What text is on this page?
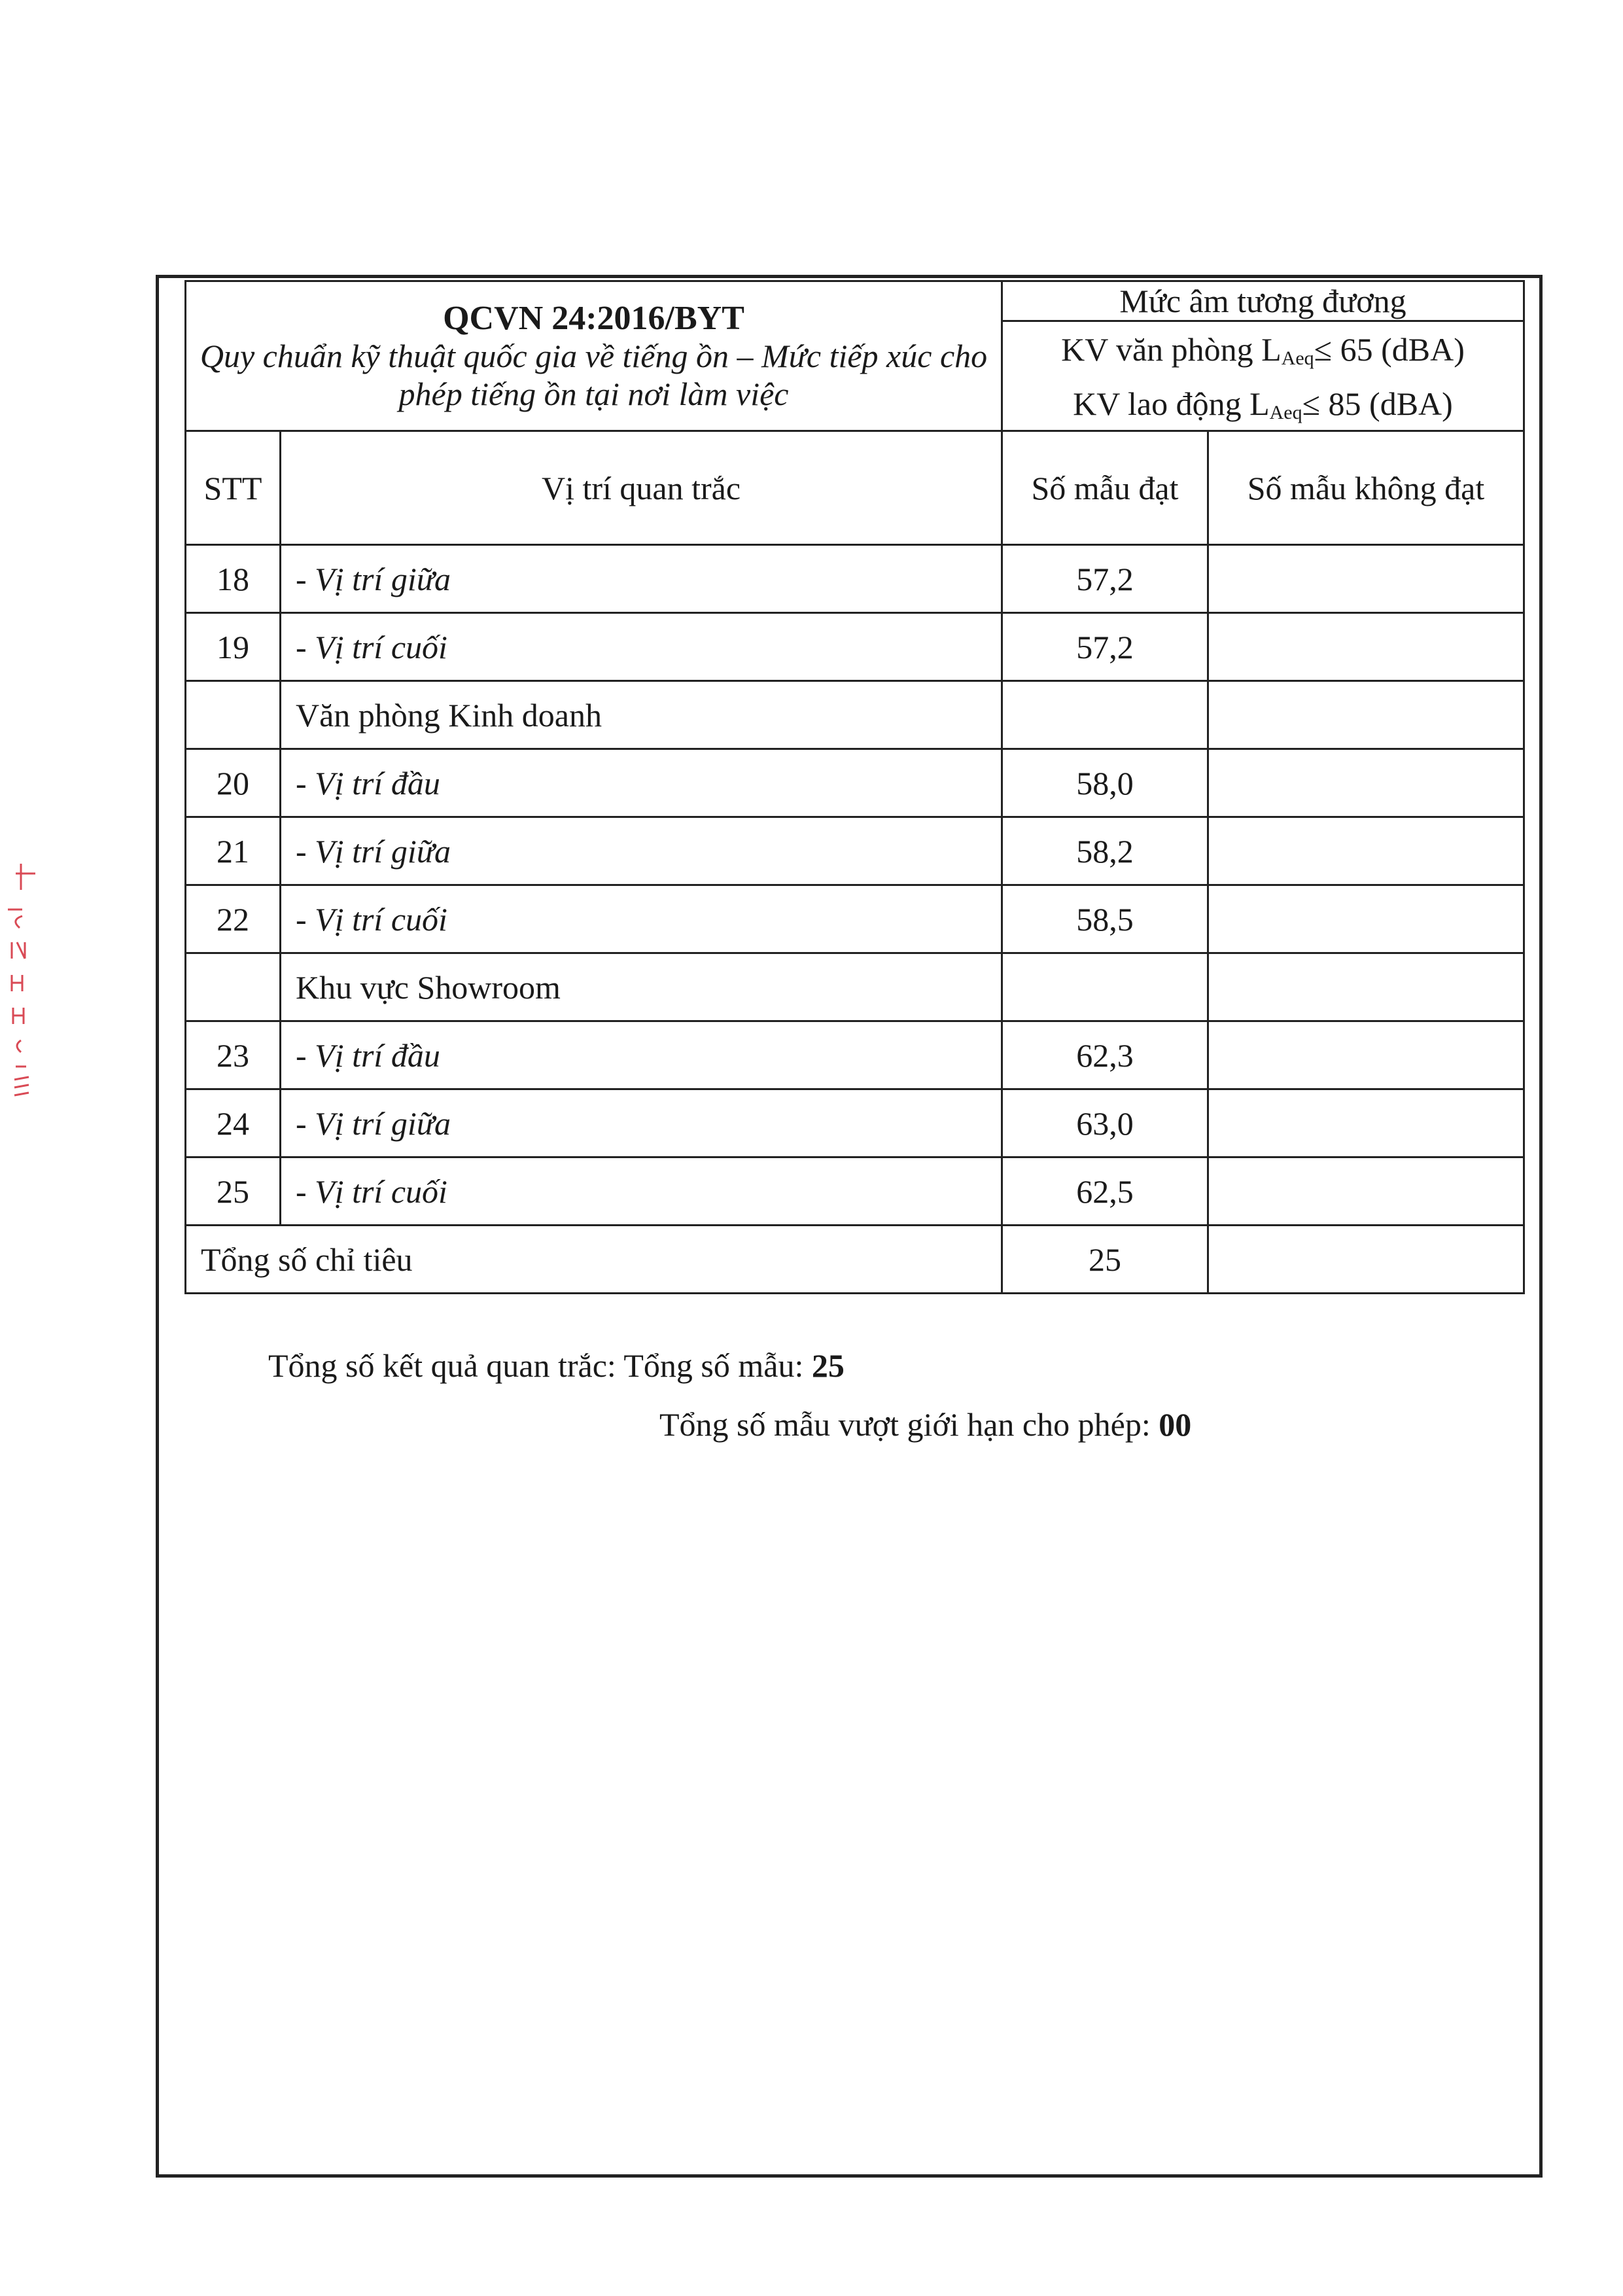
QCVN 24:2016/BYT
Quy chuẩn kỹ thuật quốc gia về tiếng ồn – Mức tiếp xúc cho phép tiếng ồn tại nơi làm việc		Mức âm tương đương	
		KV văn phòng LAeq≤ 65 (dBA)	
		KV lao động LAeq≤ 85 (dBA)	
STT	Vị trí quan trắc	Số mẫu đạt	Số mẫu không đạt
18	- Vị trí giữa	57,2	
19	- Vị trí cuối	57,2	
	Văn phòng Kinh doanh		
20	- Vị trí đầu	58,0	
21	- Vị trí giữa	58,2	
22	- Vị trí cuối	58,5	
	Khu vực Showroom		
23	- Vị trí đầu	62,3	
24	- Vị trí giữa	63,0	
25	- Vị trí cuối	62,5	
Tổng số chỉ tiêu		25	
Tổng số kết quả quan trắc: Tổng số mẫu: 25
Tổng số mẫu vượt giới hạn cho phép: 00
